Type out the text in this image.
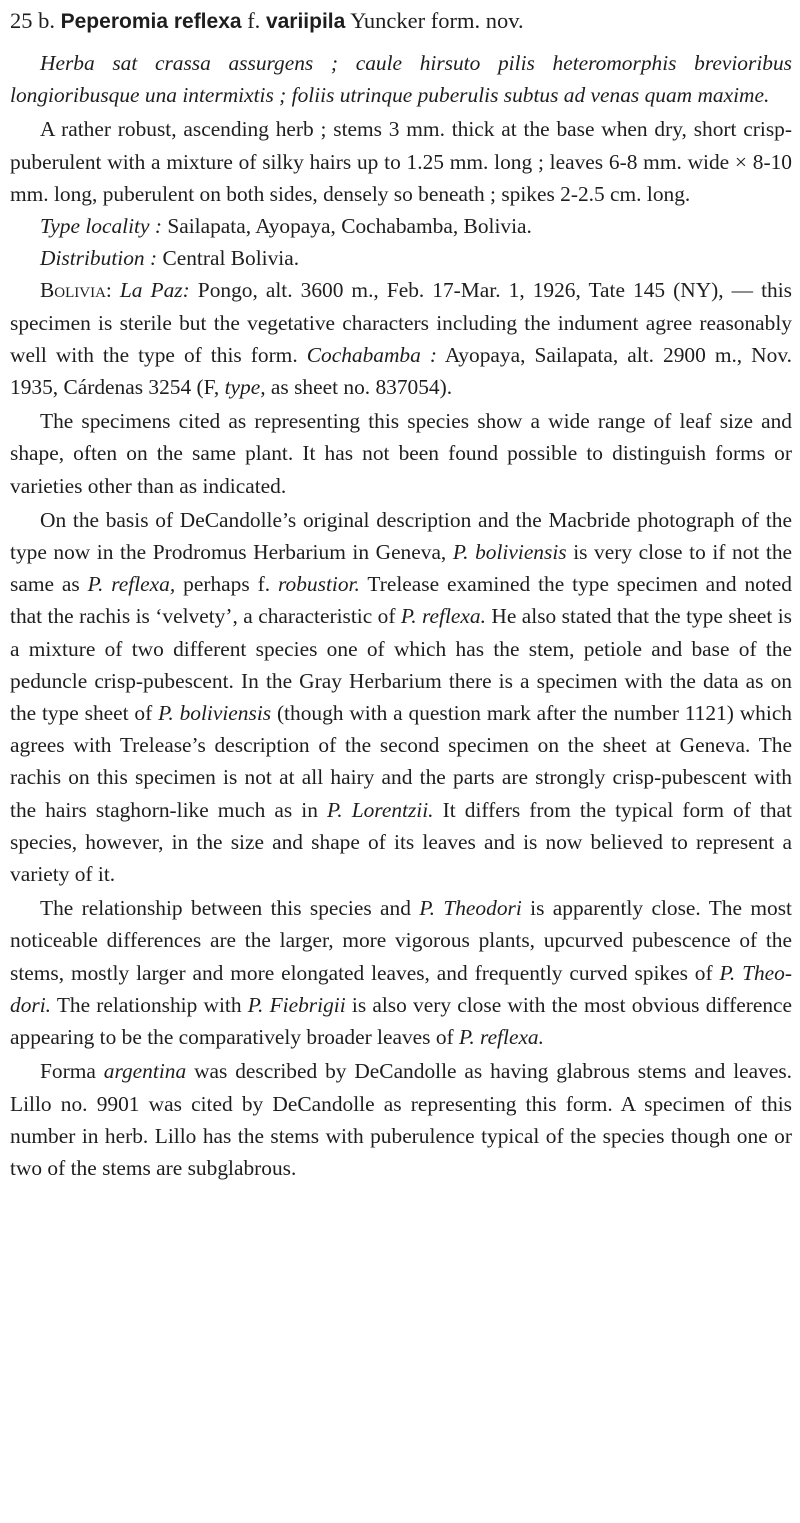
25 b. Peperomia reflexa f. variipila Yuncker form. nov.

Herba sat crassa assurgens ; caule hirsuto pilis heteromorphis brevioribus longioribusque una intermixtis ; foliis utrinque puberulis subtus ad venas quam maxime.

A rather robust, ascending herb ; stems 3 mm. thick at the base when dry, short crisp-puberulent with a mixture of silky hairs up to 1.25 mm. long ; leaves 6-8 mm. wide × 8-10 mm. long, puberulent on both sides, densely so beneath ; spikes 2-2.5 cm. long.

Type locality : Sailapata, Ayopaya, Cochabamba, Bolivia.

Distribution : Central Bolivia.

Bolivia: La Paz: Pongo, alt. 3600 m., Feb. 17-Mar. 1, 1926, Tate 145 (NY), — this specimen is sterile but the vegetative characters including the indument agree reasonably well with the type of this form. Cochabamba : Ayopaya, Sailapata, alt. 2900 m., Nov. 1935, Cárdenas 3254 (F, type, as sheet no. 837054).

The specimens cited as representing this species show a wide range of leaf size and shape, often on the same plant. It has not been found possible to distinguish forms or varieties other than as indicated.

On the basis of DeCandolle’s original description and the Macbride photograph of the type now in the Prodromus Herbarium in Geneva, P. boliviensis is very close to if not the same as P. reflexa, perhaps f. robustior. Trelease examined the type specimen and noted that the rachis is ‘velvety’, a characteristic of P. reflexa. He also stated that the type sheet is a mixture of two different species one of which has the stem, petiole and base of the peduncle crisp-pubescent. In the Gray Herbarium there is a specimen with the data as on the type sheet of P. boliviensis (though with a question mark after the number 1121) which agrees with Trelease’s description of the second specimen on the sheet at Geneva. The rachis on this specimen is not at all hairy and the parts are strongly crisp-pubescent with the hairs staghorn-like much as in P. Lorentzii. It differs from the typical form of that species, however, in the size and shape of its leaves and is now believed to represent a variety of it.

The relationship between this species and P. Theodori is apparently close. The most noticeable differences are the larger, more vigorous plants, upcurved pubescence of the stems, mostly larger and more elongated leaves, and frequently curved spikes of P. Theodori. The relationship with P. Fiebrigii is also very close with the most obvious difference appearing to be the comparatively broader leaves of P. reflexa.

Forma argentina was described by DeCandolle as having glabrous stems and leaves. Lillo no. 9901 was cited by DeCandolle as representing this form. A specimen of this number in herb. Lillo has the stems with puberulence typical of the species though one or two of the stems are subglabrous.
